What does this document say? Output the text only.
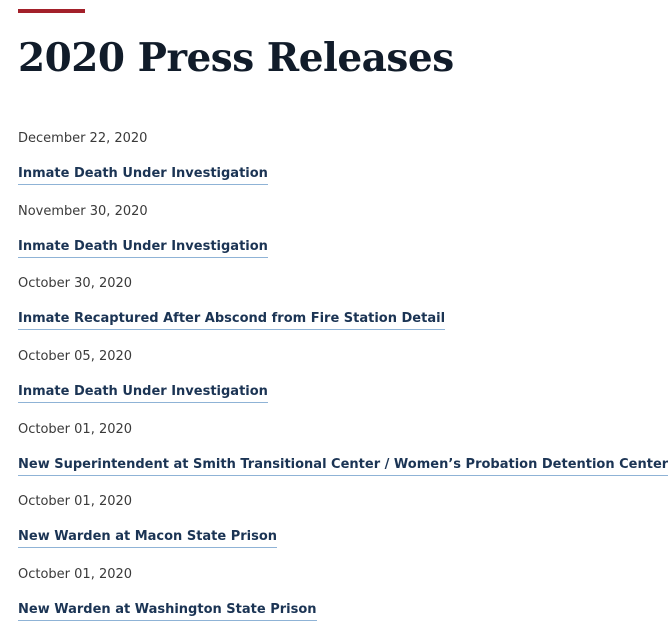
2020 Press Releases
December 22, 2020
Inmate Death Under Investigation
November 30, 2020
Inmate Death Under Investigation
October 30, 2020
Inmate Recaptured After Abscond from Fire Station Detail
October 05, 2020
Inmate Death Under Investigation
October 01, 2020
New Superintendent at Smith Transitional Center / Women’s Probation Detention Center
October 01, 2020
New Warden at Macon State Prison
October 01, 2020
New Warden at Washington State Prison
